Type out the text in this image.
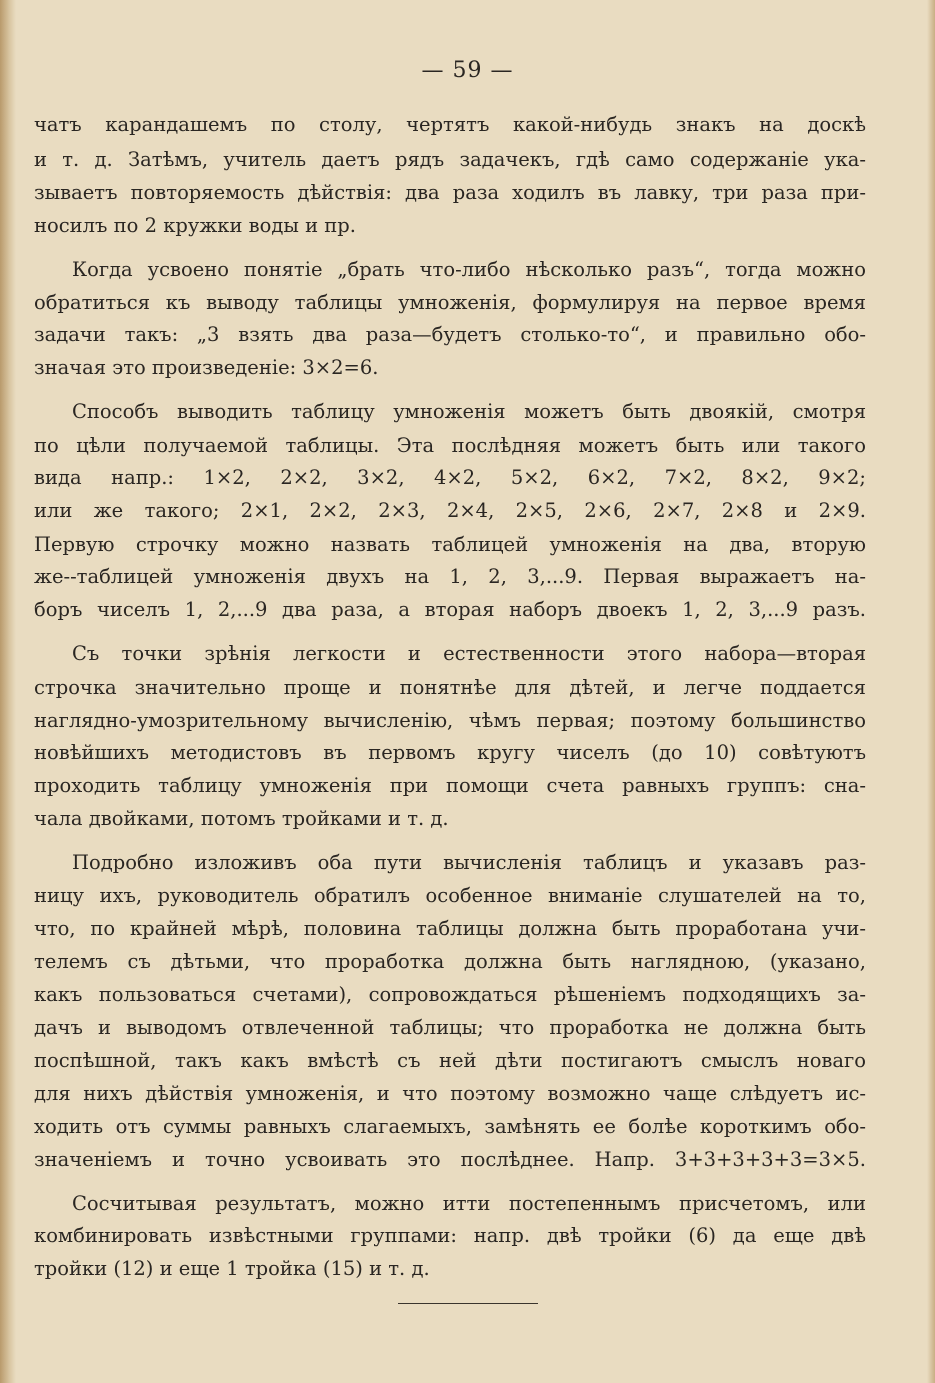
— 59 —
чатъ карандашемъ по столу, чертятъ какой-нибудь знакъ на доскѣ
и т. д. Затѣмъ, учитель даетъ рядъ задачекъ, гдѣ само содержанiе ука-
зываетъ повторяемость дѣйствiя: два раза ходилъ въ лавку, три раза при-
носилъ по 2 кружки воды и пр.
Когда усвоено понятiе „брать что-либо нѣсколько разъ“, тогда можно
обратиться къ выводу таблицы умноженiя, формулируя на первое время
задачи такъ: „3 взять два раза—будетъ столько-то“, и правильно обо-
значая это произведенiе: 3×2=6.
Способъ выводить таблицу умноженiя можетъ быть двоякiй, смотря
по цѣли получаемой таблицы. Эта послѣдняя можетъ быть или такого
вида напр.: 1×2, 2×2, 3×2, 4×2, 5×2, 6×2, 7×2, 8×2, 9×2;
или же такого; 2×1, 2×2, 2×3, 2×4, 2×5, 2×6, 2×7, 2×8 и 2×9.
Первую строчку можно назвать таблицей умноженiя на два, вторую
же--таблицей умноженiя двухъ на 1, 2, 3,...9. Первая выражаетъ на-
боръ чиселъ 1, 2,...9 два раза, а вторая наборъ двоекъ 1, 2, 3,...9 разъ.
Съ точки зрѣнiя легкости и естественности этого набора—вторая
строчка значительно проще и понятнѣе для дѣтей, и легче поддается
наглядно-умозрительному вычисленiю, чѣмъ первая; поэтому большинство
новѣйшихъ методистовъ въ первомъ кругу чиселъ (до 10) совѣтуютъ
проходить таблицу умноженiя при помощи счета равныхъ группъ: сна-
чала двойками, потомъ тройками и т. д.
Подробно изложивъ оба пути вычисленiя таблицъ и указавъ раз-
ницу ихъ, руководитель обратилъ особенное вниманiе слушателей на то,
что, по крайней мѣрѣ, половина таблицы должна быть проработана учи-
телемъ съ дѣтьми, что проработка должна быть наглядною, (указано,
какъ пользоваться счетами), сопровождаться рѣшенiемъ подходящихъ за-
дачъ и выводомъ отвлеченной таблицы; что проработка не должна быть
поспѣшной, такъ какъ вмѣстѣ съ ней дѣти постигаютъ смыслъ новаго
для нихъ дѣйствiя умноженiя, и что поэтому возможно чаще слѣдуетъ ис-
ходить отъ суммы равныхъ слагаемыхъ, замѣнять ее болѣе короткимъ обо-
значенiемъ и точно усвоивать это послѣднее. Напр. 3+3+3+3+3=3×5.
Сосчитывая результатъ, можно итти постепеннымъ присчетомъ, или
комбинировать извѣстными группами: напр. двѣ тройки (6) да еще двѣ
тройки (12) и еще 1 тройка (15) и т. д.
